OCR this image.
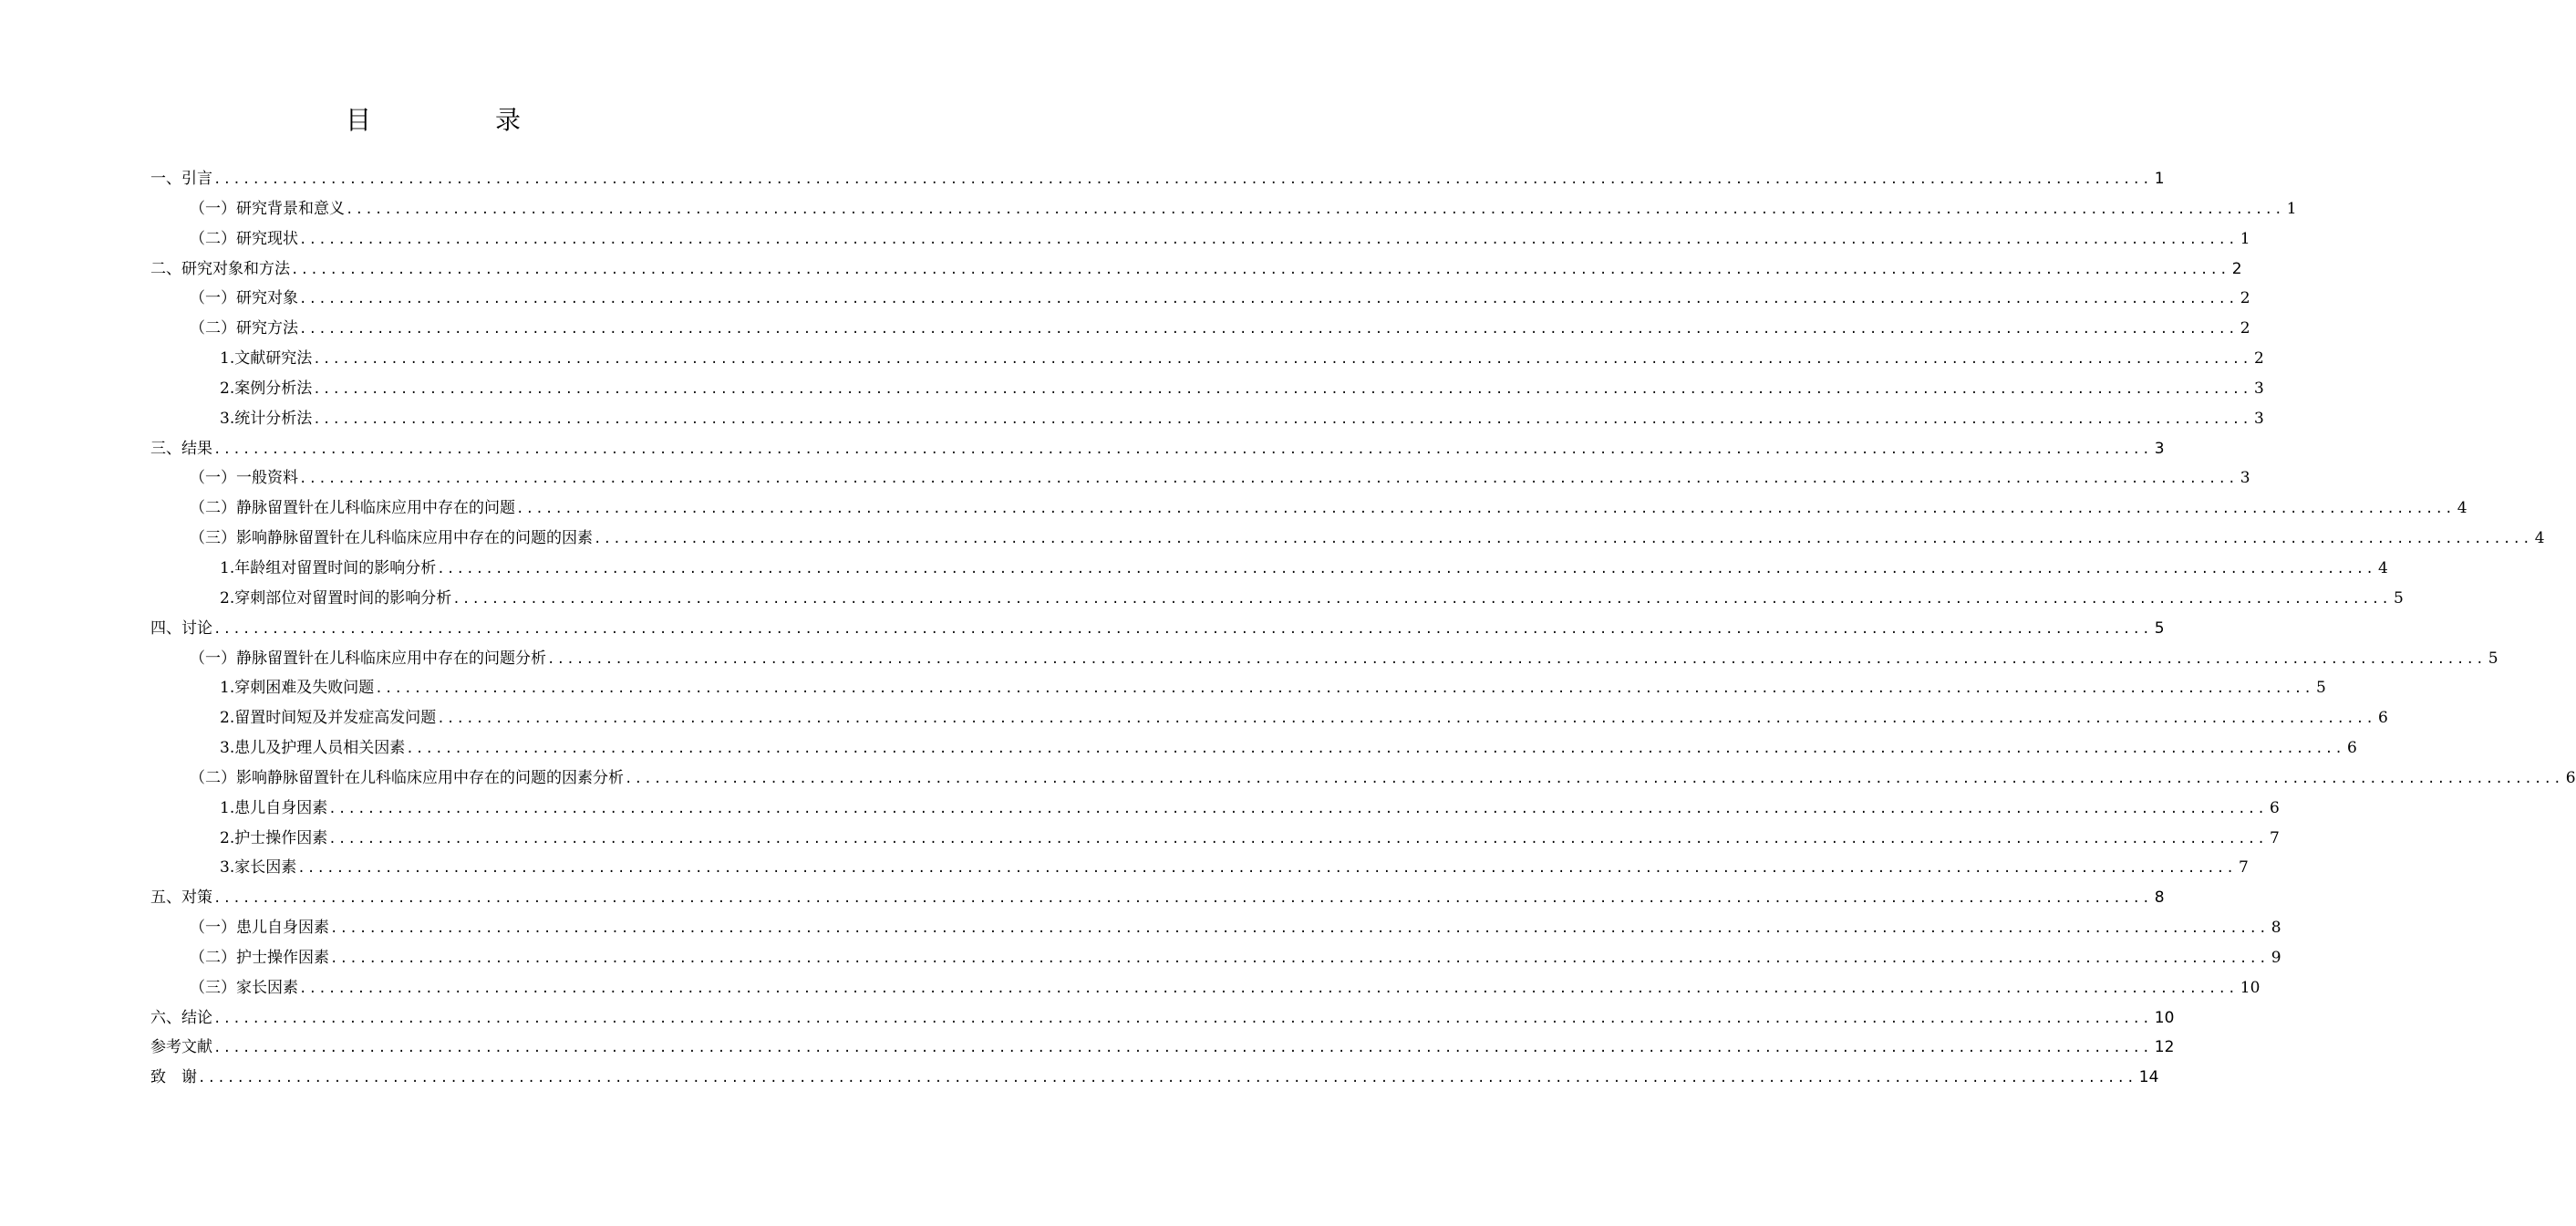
目　录
一、引言 ........................................................................................................................................................................................................ 1
（一）研究背景和意义 ........................................................................................................................................................................................................ 1
（二）研究现状 ........................................................................................................................................................................................................ 1
二、研究对象和方法 ........................................................................................................................................................................................................ 2
（一）研究对象 ........................................................................................................................................................................................................ 2
（二）研究方法 ........................................................................................................................................................................................................ 2
1.文献研究法 ........................................................................................................................................................................................................ 2
2.案例分析法 ........................................................................................................................................................................................................ 3
3.统计分析法 ........................................................................................................................................................................................................ 3
三、结果 ........................................................................................................................................................................................................ 3
（一）一般资料 ........................................................................................................................................................................................................ 3
（二）静脉留置针在儿科临床应用中存在的问题 ........................................................................................................................................................................................................ 4
（三）影响静脉留置针在儿科临床应用中存在的问题的因素 ........................................................................................................................................................................................................ 4
1.年龄组对留置时间的影响分析 ........................................................................................................................................................................................................ 4
2.穿刺部位对留置时间的影响分析 ........................................................................................................................................................................................................ 5
四、讨论 ........................................................................................................................................................................................................ 5
（一）静脉留置针在儿科临床应用中存在的问题分析 ........................................................................................................................................................................................................ 5
1.穿刺困难及失败问题 ........................................................................................................................................................................................................ 5
2.留置时间短及并发症高发问题 ........................................................................................................................................................................................................ 6
3.患儿及护理人员相关因素 ........................................................................................................................................................................................................ 6
（二）影响静脉留置针在儿科临床应用中存在的问题的因素分析 ........................................................................................................................................................................................................ 6
1.患儿自身因素 ........................................................................................................................................................................................................ 6
2.护士操作因素 ........................................................................................................................................................................................................ 7
3.家长因素 ........................................................................................................................................................................................................ 7
五、对策 ........................................................................................................................................................................................................ 8
（一）患儿自身因素 ........................................................................................................................................................................................................ 8
（二）护士操作因素 ........................................................................................................................................................................................................ 9
（三）家长因素 ........................................................................................................................................................................................................ 10
六、结论 ........................................................................................................................................................................................................ 10
参考文献 ........................................................................................................................................................................................................ 12
致　谢 ........................................................................................................................................................................................................ 14
